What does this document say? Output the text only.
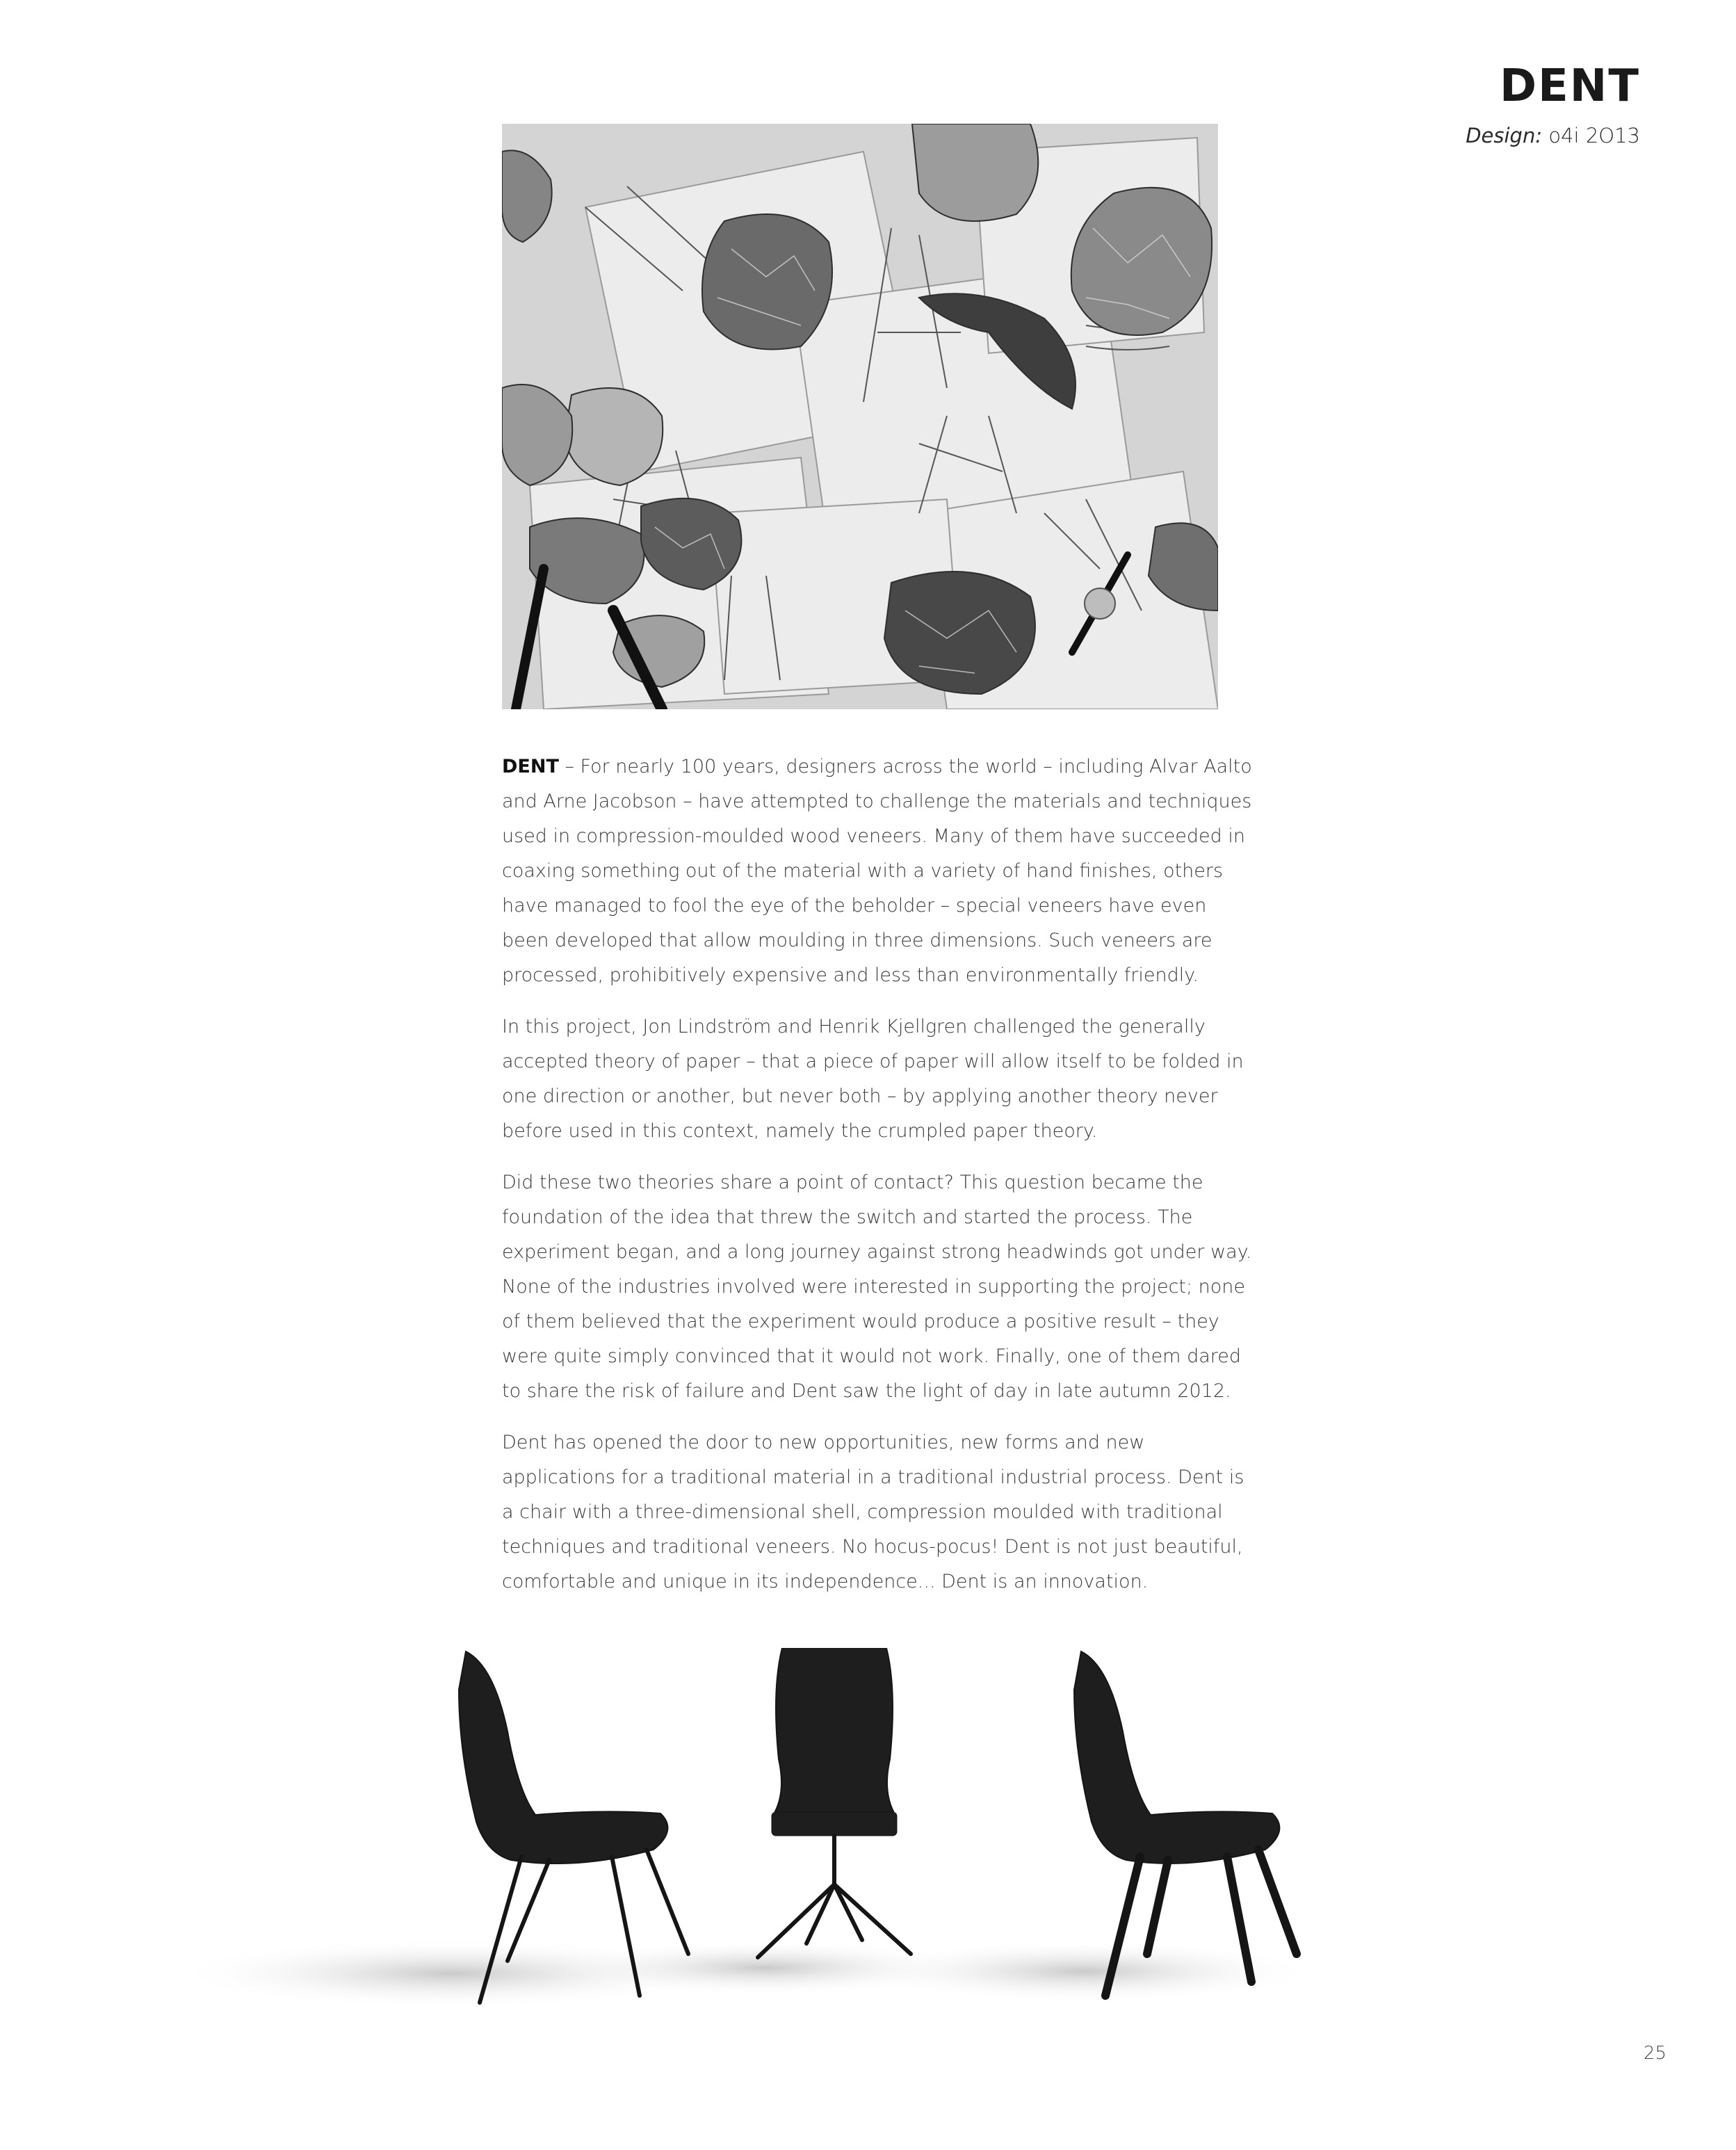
DENT
Design: o4i 2O13

DENT – For nearly 100 years, designers across the world – including Alvar Aalto and Arne Jacobson – have attempted to challenge the materials and techniques used in compression-moulded wood veneers. Many of them have succeeded in coaxing something out of the material with a variety of hand finishes, others have managed to fool the eye of the beholder – special veneers have even been developed that allow moulding in three dimensions. Such veneers are processed, prohibitively expensive and less than environmentally friendly.

In this project, Jon Lindström and Henrik Kjellgren challenged the generally accepted theory of paper – that a piece of paper will allow itself to be folded in one direction or another, but never both – by applying another theory never before used in this context, namely the crumpled paper theory.

Did these two theories share a point of contact? This question became the foundation of the idea that threw the switch and started the process. The experiment began, and a long journey against strong headwinds got under way. None of the industries involved were interested in supporting the project; none of them believed that the experiment would produce a positive result – they were quite simply convinced that it would not work. Finally, one of them dared to share the risk of failure and Dent saw the light of day in late autumn 2012.

Dent has opened the door to new opportunities, new forms and new applications for a traditional material in a traditional industrial process. Dent is a chair with a three-dimensional shell, compression moulded with traditional techniques and traditional veneers. No hocus-pocus! Dent is not just beautiful, comfortable and unique in its independence... Dent is an innovation.

25
